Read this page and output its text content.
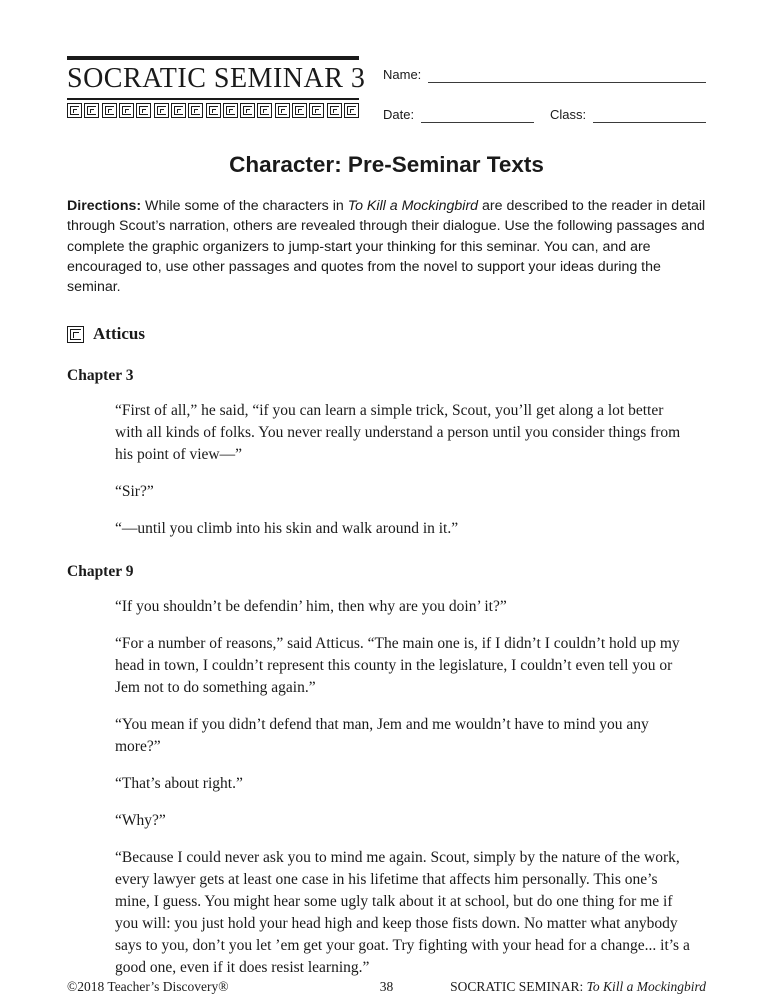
SOCRATIC SEMINAR 3 Name:
Date:	Class:
Character: Pre-Seminar Texts

Directions: While some of the characters in To Kill a Mockingbird are described to the reader in detail through Scout’s narration, others are revealed through their dialogue. Use the following passages and complete the graphic organizers to jump-start your thinking for this seminar. You can, and are encouraged to, use other passages and quotes from the novel to support your ideas during the seminar.

Atticus
Chapter 3

“First of all,” he said, “if you can learn a simple trick, Scout, you’ll get along a lot better with all kinds of folks. You never really understand a person until you consider things from his point of view—”

“Sir?”

“—until you climb into his skin and walk around in it.”

Chapter 9

“If you shouldn’t be defendin’ him, then why are you doin’ it?”

“For a number of reasons,” said Atticus. “The main one is, if I didn’t I couldn’t hold up my head in town, I couldn’t represent this county in the legislature, I couldn’t even tell you or Jem not to do something again.”

“You mean if you didn’t defend that man, Jem and me wouldn’t have to mind you any more?”

“That’s about right.”

“Why?”

“Because I could never ask you to mind me again. Scout, simply by the nature of the work, every lawyer gets at least one case in his lifetime that affects him personally. This one’s mine, I guess. You might hear some ugly talk about it at school, but do one thing for me if you will: you just hold your head high and keep those fists down. No matter what anybody says to you, don’t you let ’em get your goat. Try fighting with your head for a change... it’s a good one, even if it does resist learning.”

©2018 Teacher’s Discovery®	38	SOCRATIC SEMINAR: To Kill a Mockingbird
